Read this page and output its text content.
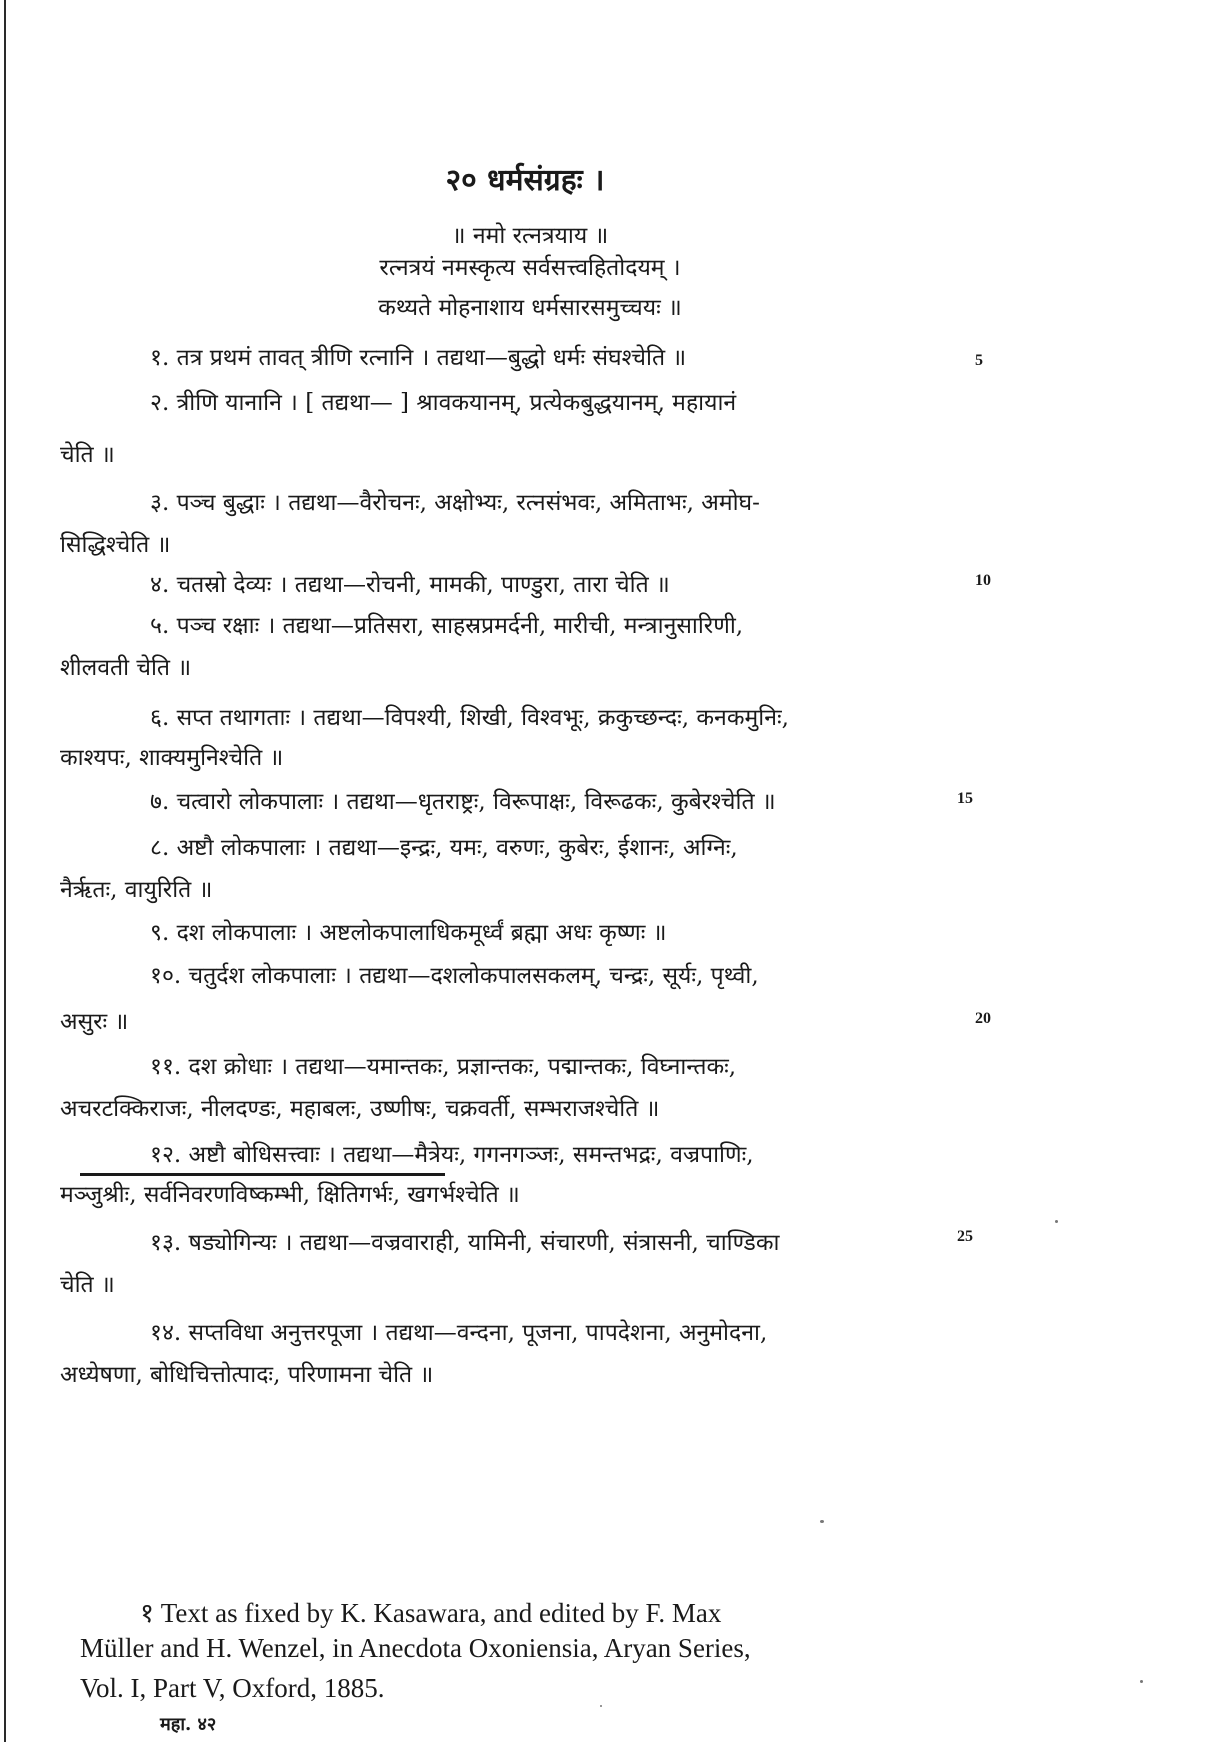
२० धर्मसंग्रहः ।
॥ नमो रत्नत्रयाय ॥
रत्नत्रयं नमस्कृत्य सर्वसत्त्वहितोदयम् ।
कथ्यते मोहनाशाय धर्मसारसमुच्चयः ॥
१. तत्र प्रथमं तावत् त्रीणि रत्नानि । तद्यथा—बुद्धो धर्मः संघश्चेति ॥	5
२. त्रीणि यानानि । [ तद्यथा— ] श्रावकयानम्, प्रत्येकबुद्धयानम्, महायानं
चेति ॥
३. पञ्च बुद्धाः । तद्यथा—वैरोचनः, अक्षोभ्यः, रत्नसंभवः, अमिताभः, अमोघ-
सिद्धिश्चेति ॥
४. चतस्रो देव्यः । तद्यथा—रोचनी, मामकी, पाण्डुरा, तारा चेति ॥	10
५. पञ्च रक्षाः । तद्यथा—प्रतिसरा, साहस्रप्रमर्दनी, मारीची, मन्त्रानुसारिणी,
शीलवती चेति ॥
६. सप्त तथागताः । तद्यथा—विपश्यी, शिखी, विश्वभूः, क्रकुच्छन्दः, कनकमुनिः,
काश्यपः, शाक्यमुनिश्चेति ॥
७. चत्वारो लोकपालाः । तद्यथा—धृतराष्ट्रः, विरूपाक्षः, विरूढकः, कुबेरश्चेति ॥	15
८. अष्टौ लोकपालाः । तद्यथा—इन्द्रः, यमः, वरुणः, कुबेरः, ईशानः, अग्निः,
नैर्ऋतः, वायुरिति ॥
९. दश लोकपालाः । अष्टलोकपालाधिकमूर्ध्वं ब्रह्मा अधः कृष्णः ॥
१०. चतुर्दश लोकपालाः । तद्यथा—दशलोकपालसकलम्, चन्द्रः, सूर्यः, पृथ्वी,
असुरः ॥	20
११. दश क्रोधाः । तद्यथा—यमान्तकः, प्रज्ञान्तकः, पद्मान्तकः, विघ्नान्तकः,
अचरटक्किराजः, नीलदण्डः, महाबलः, उष्णीषः, चक्रवर्ती, सम्भराजश्चेति ॥
१२. अष्टौ बोधिसत्त्वाः । तद्यथा—मैत्रेयः, गगनगञ्जः, समन्तभद्रः, वज्रपाणिः,
मञ्जुश्रीः, सर्वनिवरणविष्कम्भी, क्षितिगर्भः, खगर्भश्चेति ॥
१३. षड्योगिन्यः । तद्यथा—वज्रवाराही, यामिनी, संचारणी, संत्रासनी, चाण्डिका	25
चेति ॥
१४. सप्तविधा अनुत्तरपूजा । तद्यथा—वन्दना, पूजना, पापदेशना, अनुमोदना,
अध्येषणा, बोधिचित्तोत्पादः, परिणामना चेति ॥
१ Text as fixed by K. Kasawara, and edited by F. Max
Müller and H. Wenzel, in Anecdota Oxoniensia, Aryan Series,
Vol. I, Part V, Oxford, 1885.
महा. ४२
